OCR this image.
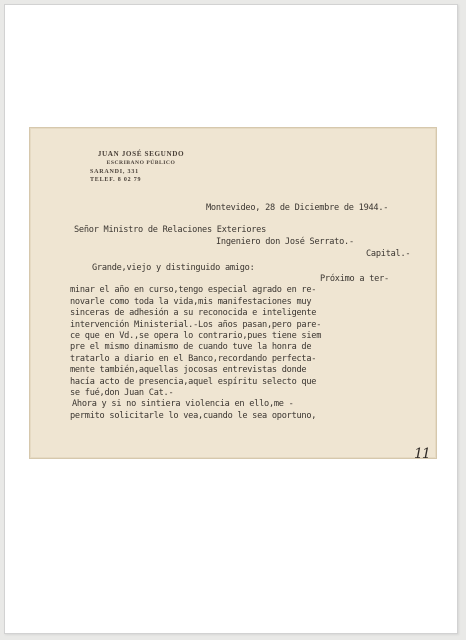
JUAN JOSÉ SEGUNDO
ESCRIBANO PÚBLICO
SARANDI, 331
TELEF. 8 02 79
Montevideo, 28 de Diciembre de 1944.-
Señor Ministro de Relaciones Exteriores
Ingeniero don José Serrato.-
Capital.-
Grande,viejo y distinguido amigo:
Próximo a ter-
minar el año en curso,tengo especial agrado en re-
novarle como toda la vida,mis manifestaciones muy
sinceras de adhesión a su reconocida e inteligente
intervención Ministerial.-Los años pasan,pero pare-
ce que en Vd.,se opera lo contrario,pues tiene siem
pre el mismo dinamismo de cuando tuve la honra de
tratarlo a diario en el Banco,recordando perfecta-
mente también,aquellas jocosas entrevistas donde
hacía acto de presencia,aquel espíritu selecto que
se fué,don Juan Cat.-
Ahora y si no sintiera violencia en ello,me -
permito solicitarle lo vea,cuando le sea oportuno,
11
